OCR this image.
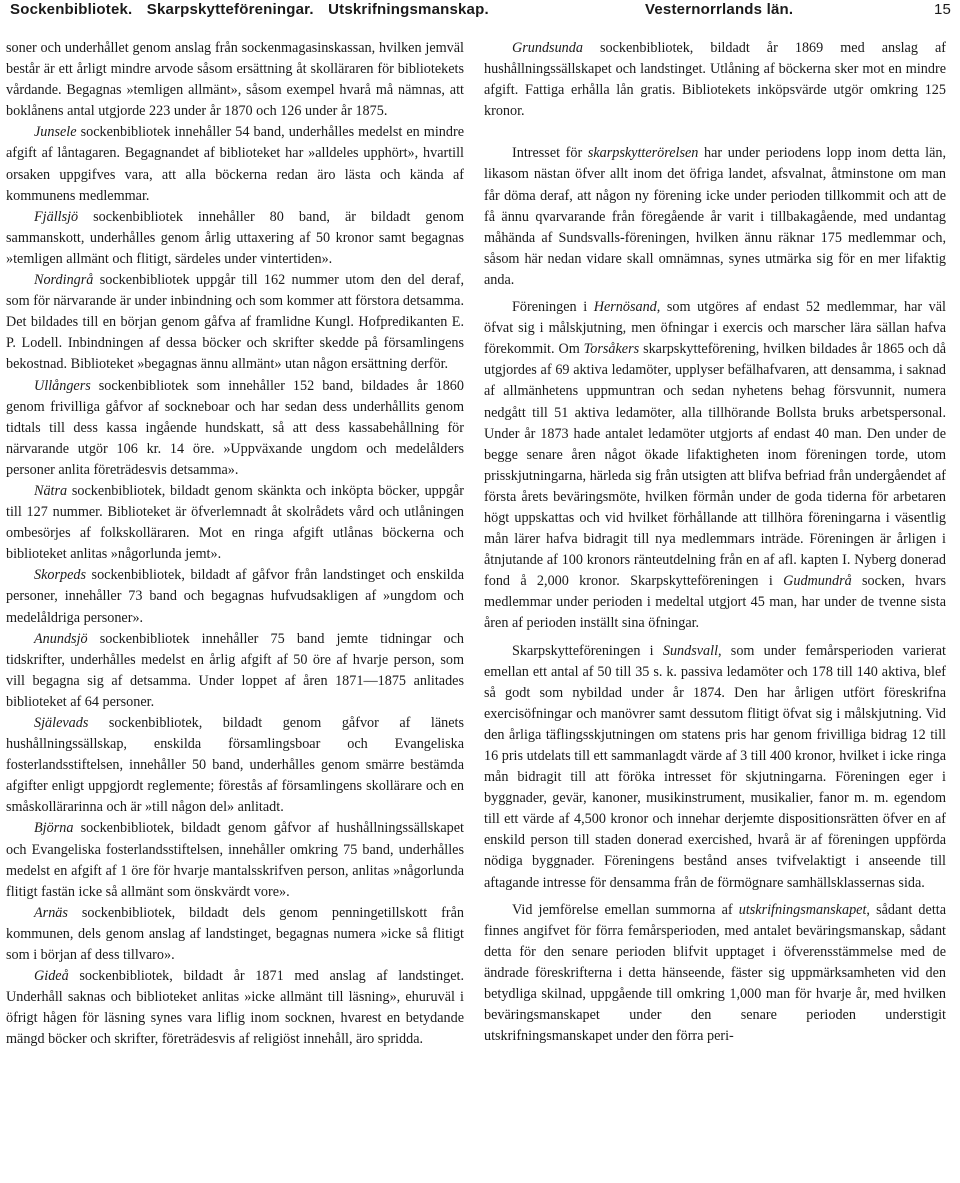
Sockenbibliotek. Skarpskytteföreningar. Utskrifningsmanskap.	Vesternorrlands län.	15

soner och underhållet genom anslag från sockenmagasinskassan, hvilken jemväl består är ett årligt mindre arvode såsom ersättning åt skolläraren för bibliotekets vårdande. Begagnas »temligen allmänt», såsom exempel hvarå må nämnas, att boklånens antal utgjorde 223 under år 1870 och 126 under år 1875.

Junsele sockenbibliotek innehåller 54 band, underhålles medelst en mindre afgift af låntagaren. Begagnandet af biblioteket har »alldeles upphört», hvartill orsaken uppgifves vara, att alla böckerna redan äro lästa och kända af kommunens medlemmar.

Fjällsjö sockenbibliotek innehåller 80 band, är bildadt genom sammanskott, underhålles genom årlig uttaxering af 50 kronor samt begagnas »temligen allmänt och flitigt, särdeles under vintertiden».

Nordingrå sockenbibliotek uppgår till 162 nummer utom den del deraf, som för närvarande är under inbindning och som kommer att förstora detsamma. Det bildades till en början genom gåfva af framlidne Kungl. Hofpredikanten E. P. Lodell. Inbindningen af dessa böcker och skrifter skedde på församlingens bekostnad. Biblioteket »begagnas ännu allmänt» utan någon ersättning derför.

Ullångers sockenbibliotek som innehåller 152 band, bildades år 1860 genom frivilliga gåfvor af sockneboar och har sedan dess underhållits genom tidtals till dess kassa ingående hundskatt, så att dess kassabehållning för närvarande utgör 106 kr. 14 öre. »Uppväxande ungdom och medelålders personer anlita företrädesvis detsamma».

Nätra sockenbibliotek, bildadt genom skänkta och inköpta böcker, uppgår till 127 nummer. Biblioteket är öfverlemnadt åt skolrådets vård och utlåningen ombesörjes af folkskolläraren. Mot en ringa afgift utlånas böckerna och biblioteket anlitas »någorlunda jemt».

Skorpeds sockenbibliotek, bildadt af gåfvor från landstinget och enskilda personer, innehåller 73 band och begagnas hufvudsakligen af »ungdom och medelåldriga personer».

Anundsjö sockenbibliotek innehåller 75 band jemte tidningar och tidskrifter, underhålles medelst en årlig afgift af 50 öre af hvarje person, som vill begagna sig af detsamma. Under loppet af åren 1871—1875 anlitades biblioteket af 64 personer.

Själevads sockenbibliotek, bildadt genom gåfvor af länets hushållningssällskap, enskilda församlingsboar och Evangeliska fosterlandsstiftelsen, innehåller 50 band, underhålles genom smärre bestämda afgifter enligt uppgjordt reglemente; förestås af församlingens skollärare och en småskollärarinna och är »till någon del» anlitadt.

Björna sockenbibliotek, bildadt genom gåfvor af hushållningssällskapet och Evangeliska fosterlandsstiftelsen, innehåller omkring 75 band, underhålles medelst en afgift af 1 öre för hvarje mantalsskrifven person, anlitas »någorlunda flitigt fastän icke så allmänt som önskvärdt vore».

Arnäs sockenbibliotek, bildadt dels genom penningetillskott från kommunen, dels genom anslag af landstinget, begagnas numera »icke så flitigt som i början af dess tillvaro».

Gideå sockenbibliotek, bildadt år 1871 med anslag af landstinget. Underhåll saknas och biblioteket anlitas »icke allmänt till läsning», ehuruväl i öfrigt hågen för läsning synes vara liflig inom socknen, hvarest en betydande mängd böcker och skrifter, företrädesvis af religiöst innehåll, äro spridda.

Grundsunda sockenbibliotek, bildadt år 1869 med anslag af hushållningssällskapet och landstinget. Utlåning af böckerna sker mot en mindre afgift. Fattiga erhålla lån gratis. Bibliotekets inköpsvärde utgör omkring 125 kronor.

Intresset för skarpskytterörelsen har under periodens lopp inom detta län, likasom nästan öfver allt inom det öfriga landet, afsvalnat, åtminstone om man får döma deraf, att någon ny förening icke under perioden tillkommit och att de få ännu qvarvarande från föregående år varit i tillbakagående, med undantag måhända af Sundsvalls-föreningen, hvilken ännu räknar 175 medlemmar och, såsom här nedan vidare skall omnämnas, synes utmärka sig för en mer lifaktig anda.

Föreningen i Hernösand, som utgöres af endast 52 medlemmar, har väl öfvat sig i målskjutning, men öfningar i exercis och marscher lära sällan hafva förekommit. Om Torsåkers skarpskytteförening, hvilken bildades år 1865 och då utgjordes af 69 aktiva ledamöter, upplyser befälhafvaren, att densamma, i saknad af allmänhetens uppmuntran och sedan nyhetens behag försvunnit, numera nedgått till 51 aktiva ledamöter, alla tillhörande Bollsta bruks arbetspersonal. Under år 1873 hade antalet ledamöter utgjorts af endast 40 man. Den under de begge senare åren något ökade lifaktigheten inom föreningen torde, utom prisskjutningarna, härleda sig från utsigten att blifva befriad från undergåendet af första årets beväringsmöte, hvilken förmån under de goda tiderna för arbetaren högt uppskattas och vid hvilket förhållande att tillhöra föreningarna i väsentlig mån lärer hafva bidragit till nya medlemmars inträde. Föreningen är årligen i åtnjutande af 100 kronors ränteutdelning från en af afl. kapten I. Nyberg donerad fond å 2,000 kronor. Skarpskytteföreningen i Gudmundrå socken, hvars medlemmar under perioden i medeltal utgjort 45 man, har under de tvenne sista åren af perioden inställt sina öfningar.

Skarpskytteföreningen i Sundsvall, som under femårsperioden varierat emellan ett antal af 50 till 35 s. k. passiva ledamöter och 178 till 140 aktiva, blef så godt som nybildad under år 1874. Den har årligen utfört föreskrifna exercisöfningar och manövrer samt dessutom flitigt öfvat sig i målskjutning. Vid den årliga täflingsskjutningen om statens pris har genom frivilliga bidrag 12 till 16 pris utdelats till ett sammanlagdt värde af 3 till 400 kronor, hvilket i icke ringa mån bidragit till att föröka intresset för skjutningarna. Föreningen eger i byggnader, gevär, kanoner, musikinstrument, musikalier, fanor m. m. egendom till ett värde af 4,500 kronor och innehar derjemte dispositionsrätten öfver en af enskild person till staden donerad exercished, hvarå är af föreningen uppförda nödiga byggnader. Föreningens bestånd anses tvifvelaktigt i anseende till aftagande intresse för densamma från de förmögnare samhällsklassernas sida.

Vid jemförelse emellan summorna af utskrifningsmanskapet, sådant detta finnes angifvet för förra femårsperioden, med antalet beväringsmanskap, sådant detta för den senare perioden blifvit upptaget i öfverensstämmelse med de ändrade föreskrifterna i detta hänseende, fäster sig uppmärksamheten vid den betydliga skilnad, uppgående till omkring 1,000 man för hvarje år, med hvilken beväringsmanskapet under den senare perioden understigit utskrifningsmanskapet under den förra peri-
